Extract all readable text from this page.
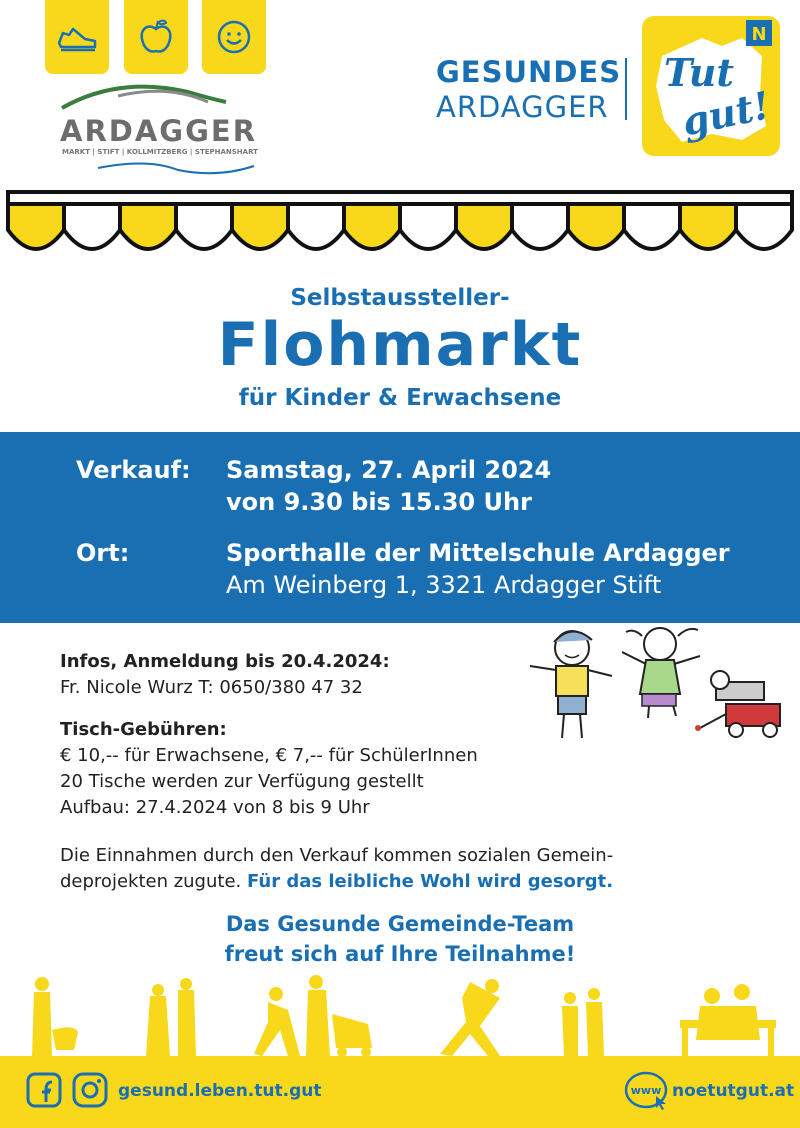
ARDAGGER
MARKT | STIFT | KOLLMITZBERG | STEPHANSHART
GESUNDES
ARDAGGER
N
Tut
gut!
Selbstaussteller-
Flohmarkt
für Kinder & Erwachsene
Verkauf: Samstag, 27. April 2024
von 9.30 bis 15.30 Uhr
Ort:	Sporthalle der Mittelschule Ardagger
Am Weinberg 1, 3321 Ardagger Stift
Infos, Anmeldung bis 20.4.2024:
Fr. Nicole Wurz T: 0650/380 47 32
Tisch-Gebühren:
€ 10,-- für Erwachsene, € 7,-- für SchülerInnen
20 Tische werden zur Verfügung gestellt
Aufbau: 27.4.2024 von 8 bis 9 Uhr
Die Einnahmen durch den Verkauf kommen sozialen Gemein-
deprojekten zugute. Für das leibliche Wohl wird gesorgt.
Das Gesunde Gemeinde-Team
freut sich auf Ihre Teilnahme!
gesund.leben.tut.gut	www noetutgut.at
